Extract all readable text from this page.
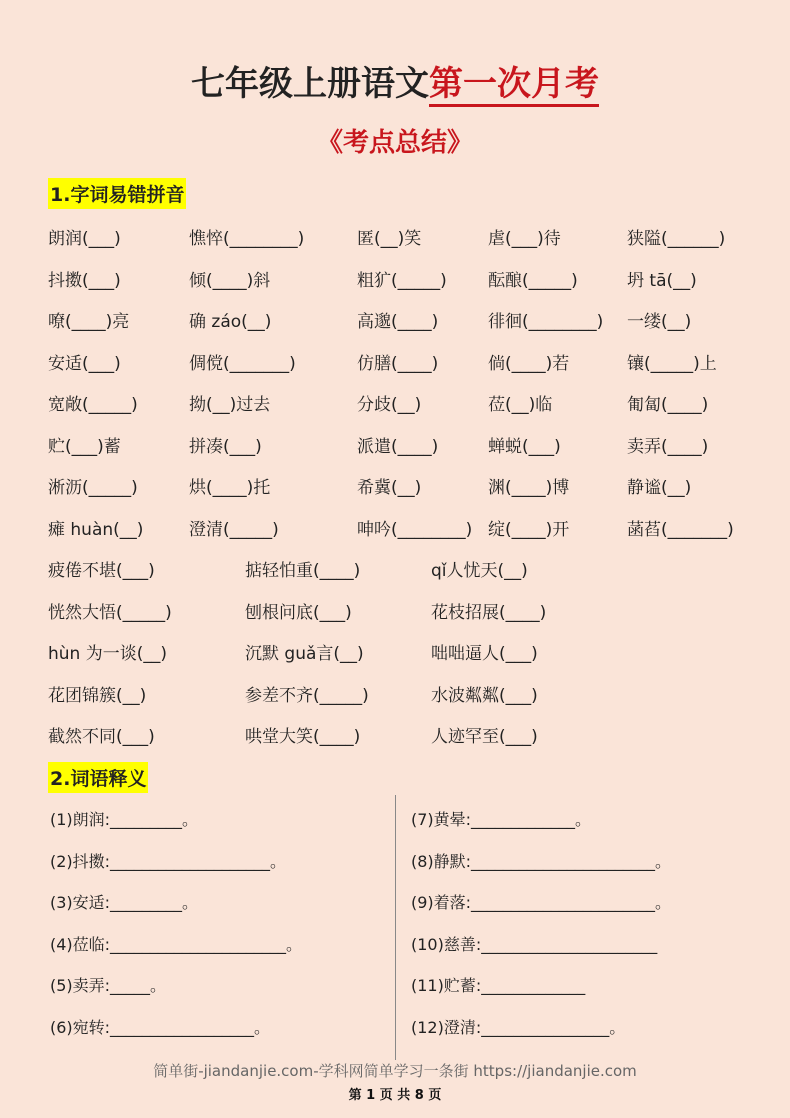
七年级上册语文第一次月考
《考点总结》
1.字词易错拼音
朗润(___)	憔悴(________)	匿(__)笑	虐(___)待	狭隘(______)
抖擞(___)	倾(____)斜	粗犷(_____) 酝酿(_____)	坍 tā(__)
嘹(____)亮	确 záo(__)	高邈(____)	徘徊(________) 一缕(__)
安适(___)	倜傥(_______)	仿膳(____)	倘(____)若	镶(_____)上
宽敞(_____)	拗(__)过去	分歧(__)	莅(__)临	匍匐(____)
贮(___)蓄	拼凑(___)	派遣(____)	蝉蜕(___)	卖弄(____)
淅沥(_____)	烘(____)托	希冀(__)	渊(____)博	静谧(__)
瘫 huàn(__)	澄清(_____)	呻吟(________) 绽(____)开	菡萏(_______)
疲倦不堪(___)	掂轻怕重(____)	qǐ人忧天(__)
恍然大悟(_____)	刨根问底(___)	花枝招展(____)
hùn 为一谈(__)	沉默 guǎ言(__)	咄咄逼人(___)
花团锦簇(__)	参差不齐(_____)	水波粼粼(___)
截然不同(___)	哄堂大笑(____)	人迹罕至(___)
2.词语释义
(1)朗润:_________。
(2)抖擞:____________________。
(3)安适:_________。
(4)莅临:______________________。
(5)卖弄:_____。
(6)宛转:__________________。
(7)黄晕:_____________。
(8)静默:_______________________。
(9)着落:_______________________。
(10)慈善:______________________
(11)贮蓄:_____________
(12)澄清:________________。
简单街-jiandanjie.com-学科网简单学习一条街 https://jiandanjie.com
第 1 页 共 8 页
